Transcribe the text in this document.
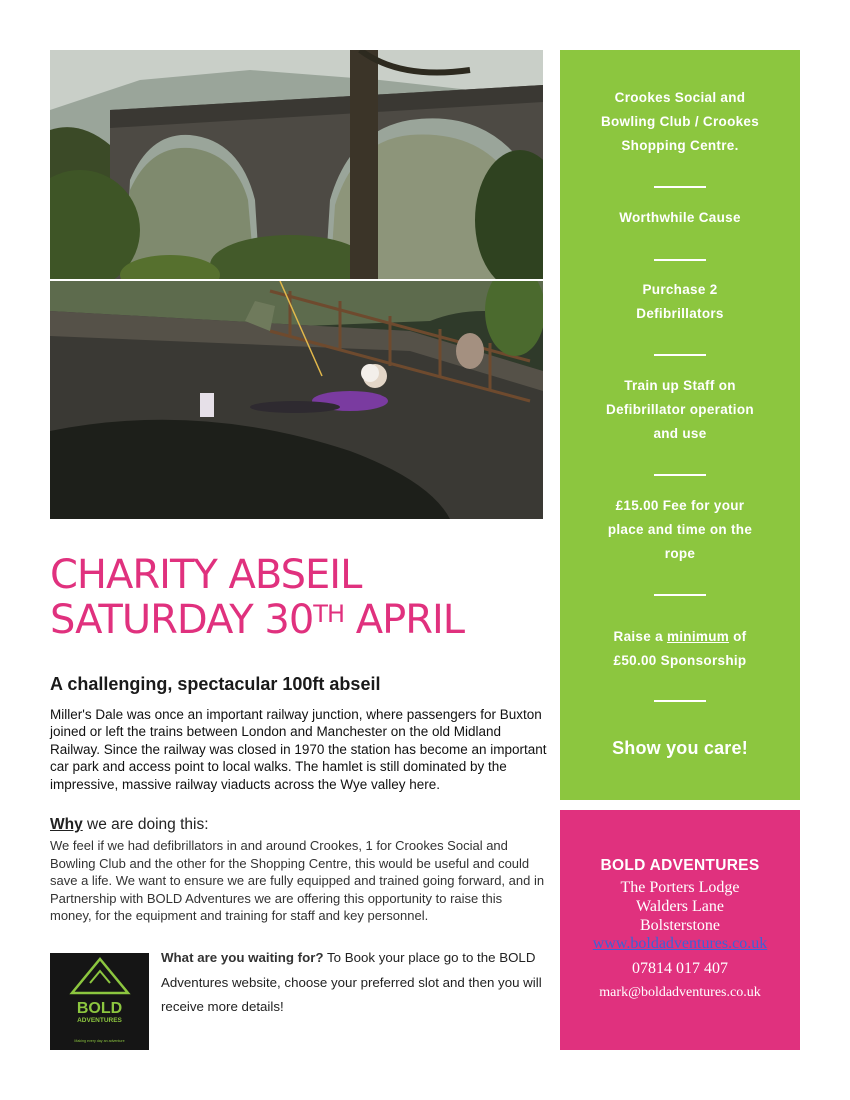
CHARITY ABSEIL
SATURDAY 30TH APRIL
A challenging, spectacular 100ft abseil

Miller's Dale was once an important railway junction, where passengers for Buxton joined or left the trains between London and Manchester on the old Midland Railway. Since the railway was closed in 1970 the station has become an important car park and access point to local walks. The hamlet is still dominated by the impressive, massive railway viaducts across the Wye valley here.

Why we are doing this:

We feel if we had defibrillators in and around Crookes, 1 for Crookes Social and Bowling Club and the other for the Shopping Centre, this would be useful and could save a life. We want to ensure we are fully equipped and trained going forward, and in Partnership with BOLD Adventures we are offering this opportunity to raise this money, for the equipment and training for staff and key personnel.

BOLD
ADVENTURES
Making every day an adventure

What are you waiting for? To Book your place go to the BOLD Adventures website, choose your preferred slot and then you will receive more details!

Crookes Social and
Bowling Club / Crookes
Shopping Centre.
Worthwhile Cause
Purchase 2
Defibrillators
Train up Staff on
Defibrillator operation
and use
£15.00 Fee for your
place and time on the
rope
Raise a minimum of
£50.00 Sponsorship
Show you care!
BOLD ADVENTURES
The Porters Lodge
Walders Lane
Bolsterstone
www.boldadventures.co.uk
07814 017 407
mark@boldadventures.co.uk
